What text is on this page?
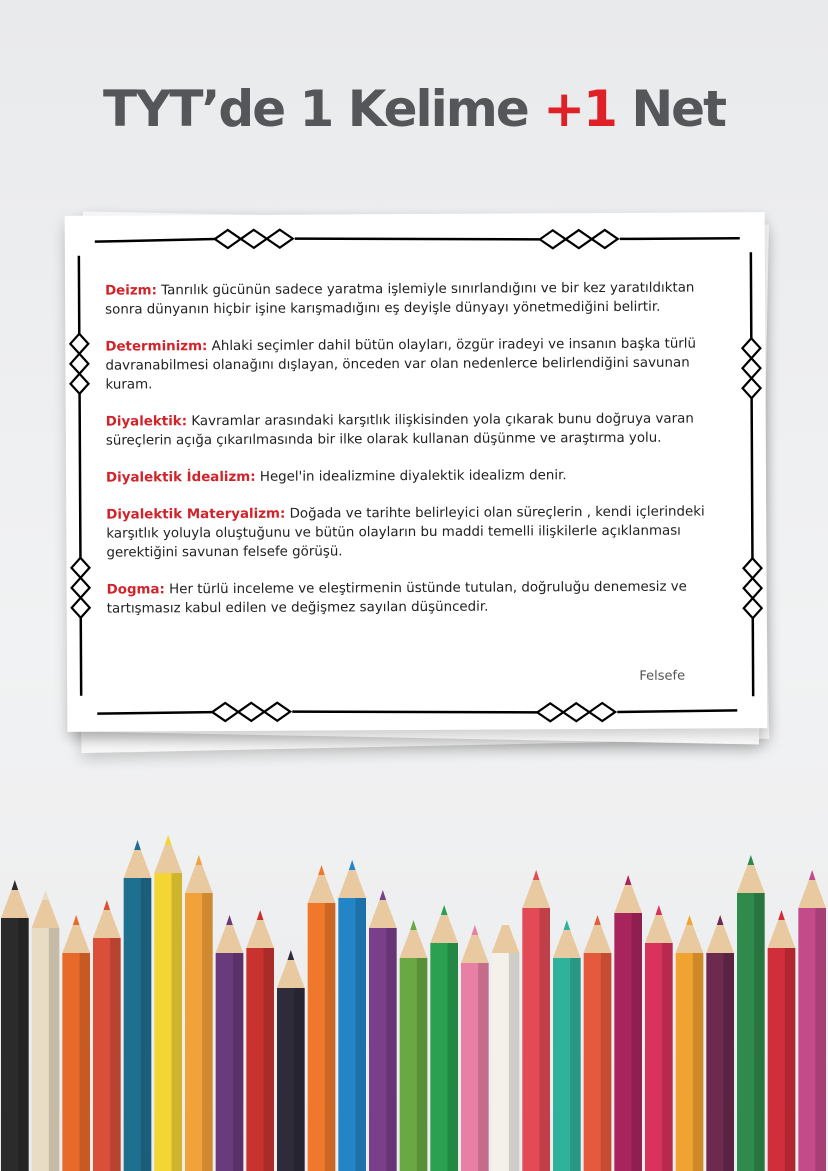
TYT’de 1 Kelime +1 Net

Deizm: Tanrılık gücünün sadece yaratma işlemiyle sınırlandığını ve bir kez yaratıldıktan sonra dünyanın hiçbir işine karışmadığını eş deyişle dünyayı yönetmediğini belirtir.

Determinizm: Ahlaki seçimler dahil bütün olayları, özgür iradeyi ve insanın başka türlü davranabilmesi olanağını dışlayan, önceden var olan nedenlerce belirlendiğini savunan kuram.

Diyalektik: Kavramlar arasındaki karşıtlık ilişkisinden yola çıkarak bunu doğruya varan süreçlerin açığa çıkarılmasında bir ilke olarak kullanan düşünme ve araştırma yolu.

Diyalektik İdealizm: Hegel'in idealizmine diyalektik idealizm denir.

Diyalektik Materyalizm: Doğada ve tarihte belirleyici olan süreçlerin , kendi içlerindeki karşıtlık yoluyla oluştuğunu ve bütün olayların bu maddi temelli ilişkilerle açıklanması gerektiğini savunan felsefe görüşü.

Dogma: Her türlü inceleme ve eleştirmenin üstünde tutulan, doğruluğu denemesiz ve tartışmasız kabul edilen ve değişmez sayılan düşüncedir.

Felsefe
